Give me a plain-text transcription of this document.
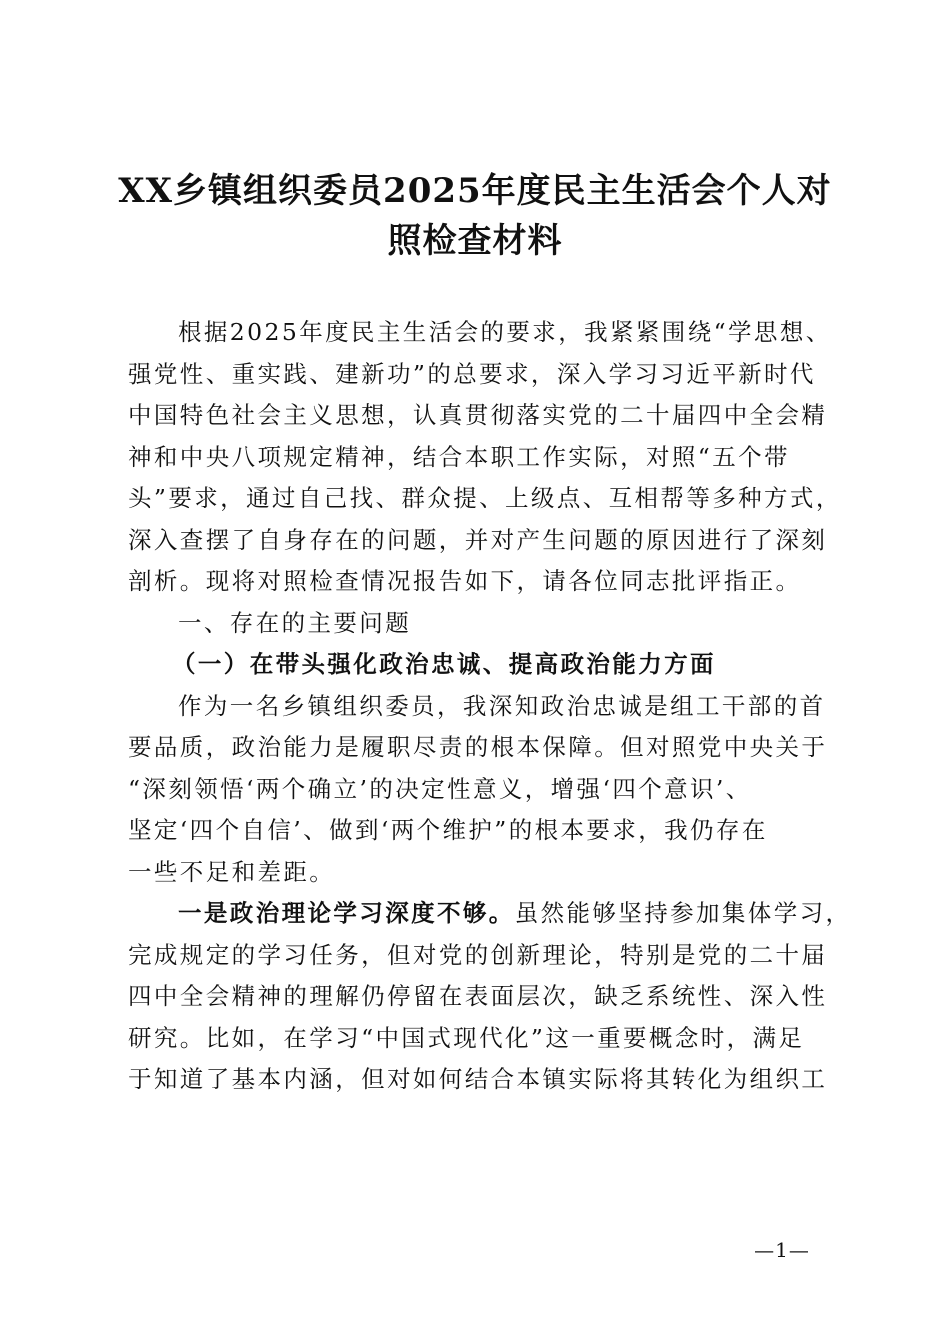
XX乡镇组织委员2025年度民主生活会个人对
照检查材料
根据2025年度民主生活会的要求，我紧紧围绕“学思想、
强党性、重实践、建新功”的总要求，深入学习习近平新时代
中国特色社会主义思想，认真贯彻落实党的二十届四中全会精
神和中央八项规定精神，结合本职工作实际，对照“五个带
头”要求，通过自己找、群众提、上级点、互相帮等多种方式，
深入查摆了自身存在的问题，并对产生问题的原因进行了深刻
剖析。现将对照检查情况报告如下，请各位同志批评指正。
一、存在的主要问题
（一）在带头强化政治忠诚、提高政治能力方面
作为一名乡镇组织委员，我深知政治忠诚是组工干部的首
要品质，政治能力是履职尽责的根本保障。但对照党中央关于
“深刻领悟‘两个确立’的决定性意义，增强‘四个意识’、
坚定‘四个自信’、做到‘两个维护”的根本要求，我仍存在
一些不足和差距。
一是政治理论学习深度不够。虽然能够坚持参加集体学习，
完成规定的学习任务，但对党的创新理论，特别是党的二十届
四中全会精神的理解仍停留在表面层次，缺乏系统性、深入性
研究。比如，在学习“中国式现代化”这一重要概念时，满足
于知道了基本内涵，但对如何结合本镇实际将其转化为组织工
—1—
